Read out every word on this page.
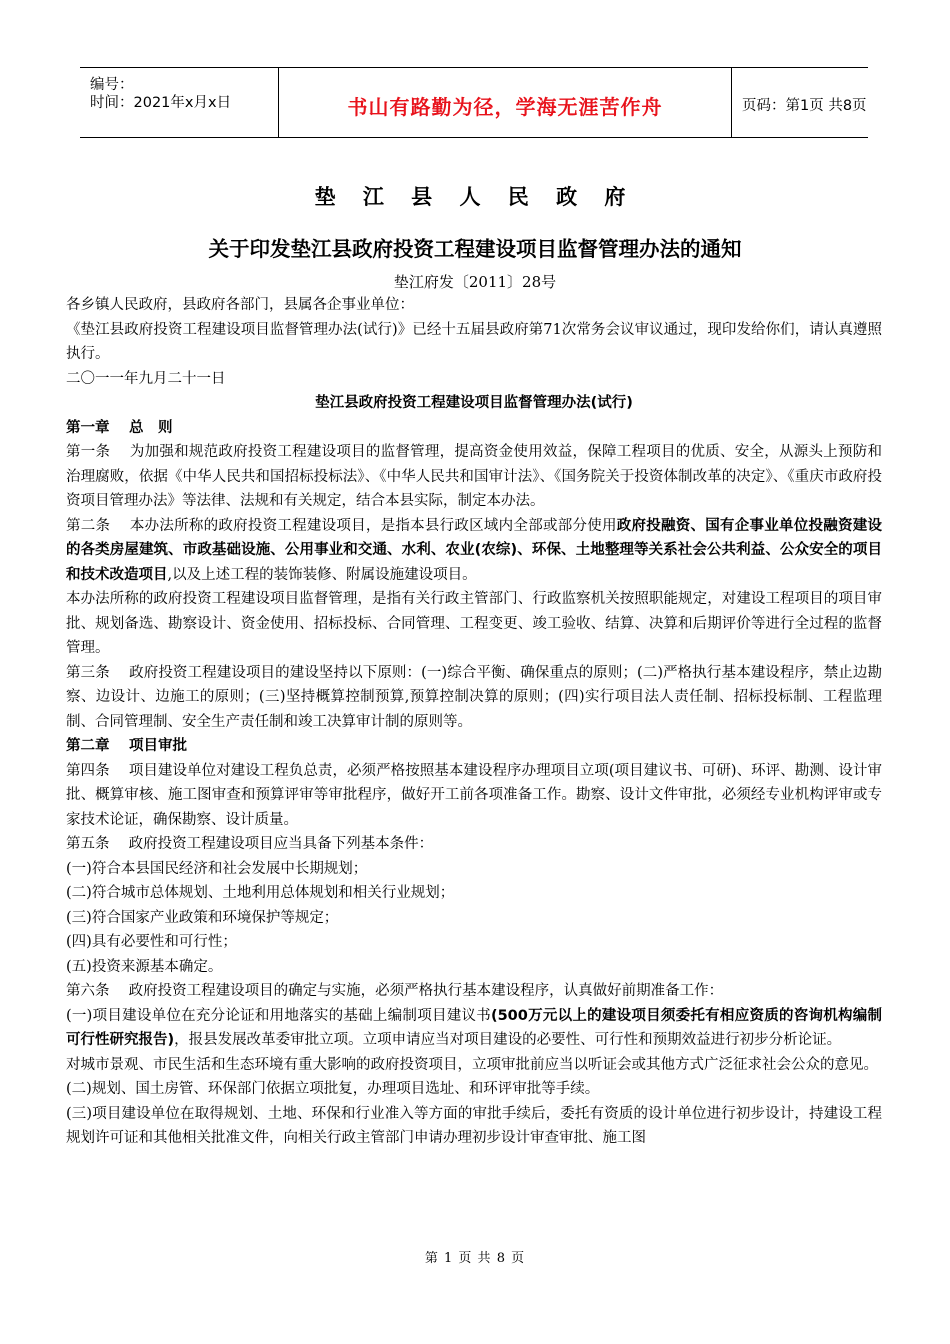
编号：
时间：2021年x月x日	书山有路勤为径，学海无涯苦作舟	页码：第1页 共8页
垫 江 县 人 民 政 府
关于印发垫江县政府投资工程建设项目监督管理办法的通知
垫江府发〔2011〕28号

各乡镇人民政府，县政府各部门，县属各企事业单位：

《垫江县政府投资工程建设项目监督管理办法(试行)》已经十五届县政府第71次常务会议审议通过，现印发给你们，请认真遵照执行。

二〇一一年九月二十一日

垫江县政府投资工程建设项目监督管理办法(试行)

第一章　 总　则

第一条　 为加强和规范政府投资工程建设项目的监督管理，提高资金使用效益，保障工程项目的优质、安全，从源头上预防和治理腐败，依据《中华人民共和国招标投标法》、《中华人民共和国审计法》、《国务院关于投资体制改革的决定》、《重庆市政府投资项目管理办法》等法律、法规和有关规定，结合本县实际，制定本办法。

第二条　 本办法所称的政府投资工程建设项目，是指本县行政区域内全部或部分使用政府投融资、国有企事业单位投融资建设的各类房屋建筑、市政基础设施、公用事业和交通、水利、农业(农综)、环保、土地整理等关系社会公共利益、公众安全的项目和技术改造项目,以及上述工程的装饰装修、附属设施建设项目。

本办法所称的政府投资工程建设项目监督管理，是指有关行政主管部门、行政监察机关按照职能规定，对建设工程项目的项目审批、规划备选、勘察设计、资金使用、招标投标、合同管理、工程变更、竣工验收、结算、决算和后期评价等进行全过程的监督管理。

第三条　 政府投资工程建设项目的建设坚持以下原则：(一)综合平衡、确保重点的原则；(二)严格执行基本建设程序，禁止边勘察、边设计、边施工的原则；(三)坚持概算控制预算,预算控制决算的原则；(四)实行项目法人责任制、招标投标制、工程监理制、合同管理制、安全生产责任制和竣工决算审计制的原则等。

第二章　 项目审批

第四条　 项目建设单位对建设工程负总责，必须严格按照基本建设程序办理项目立项(项目建议书、可研)、环评、勘测、设计审批、概算审核、施工图审查和预算评审等审批程序，做好开工前各项准备工作。勘察、设计文件审批，必须经专业机构评审或专家技术论证，确保勘察、设计质量。

第五条　 政府投资工程建设项目应当具备下列基本条件：

(一)符合本县国民经济和社会发展中长期规划；

(二)符合城市总体规划、土地利用总体规划和相关行业规划；

(三)符合国家产业政策和环境保护等规定；

(四)具有必要性和可行性；

(五)投资来源基本确定。

第六条　 政府投资工程建设项目的确定与实施，必须严格执行基本建设程序，认真做好前期准备工作：

(一)项目建设单位在充分论证和用地落实的基础上编制项目建议书(500万元以上的建设项目须委托有相应资质的咨询机构编制可行性研究报告)，报县发展改革委审批立项。立项申请应当对项目建设的必要性、可行性和预期效益进行初步分析论证。

对城市景观、市民生活和生态环境有重大影响的政府投资项目，立项审批前应当以听证会或其他方式广泛征求社会公众的意见。

(二)规划、国土房管、环保部门依据立项批复，办理项目选址、和环评审批等手续。

(三)项目建设单位在取得规划、土地、环保和行业准入等方面的审批手续后，委托有资质的设计单位进行初步设计，持建设工程规划许可证和其他相关批准文件，向相关行政主管部门申请办理初步设计审查审批、施工图

第 1 页 共 8 页
